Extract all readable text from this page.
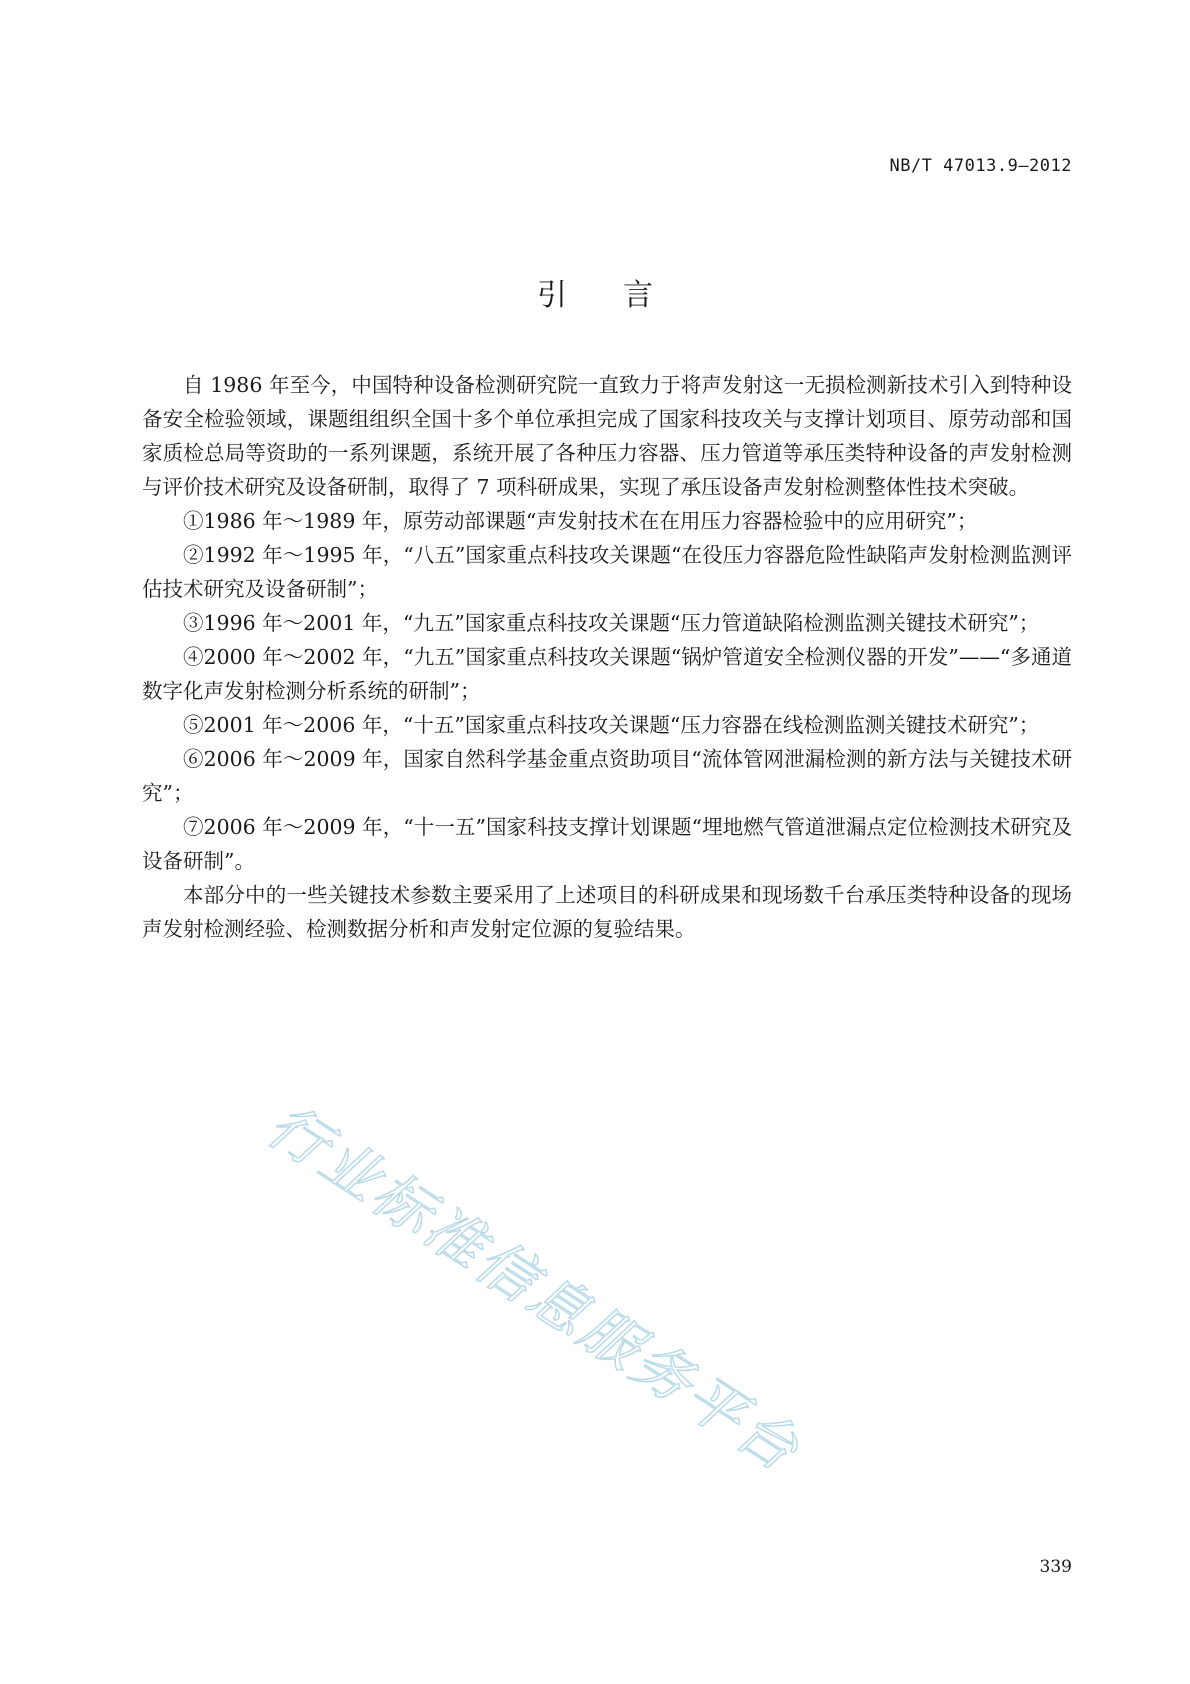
NB/T 47013.9—2012
引言

自 1986 年至今，中国特种设备检测研究院一直致力于将声发射这一无损检测新技术引入到特种设备安全检验领域，课题组组织全国十多个单位承担完成了国家科技攻关与支撑计划项目、原劳动部和国家质检总局等资助的一系列课题，系统开展了各种压力容器、压力管道等承压类特种设备的声发射检测与评价技术研究及设备研制，取得了 7 项科研成果，实现了承压设备声发射检测整体性技术突破。

①1986 年～1989 年，原劳动部课题“声发射技术在在用压力容器检验中的应用研究”；

②1992 年～1995 年，“八五”国家重点科技攻关课题“在役压力容器危险性缺陷声发射检测监测评估技术研究及设备研制”；

③1996 年～2001 年，“九五”国家重点科技攻关课题“压力管道缺陷检测监测关键技术研究”；

④2000 年～2002 年，“九五”国家重点科技攻关课题“锅炉管道安全检测仪器的开发”——“多通道数字化声发射检测分析系统的研制”；

⑤2001 年～2006 年，“十五”国家重点科技攻关课题“压力容器在线检测监测关键技术研究”；

⑥2006 年～2009 年，国家自然科学基金重点资助项目“流体管网泄漏检测的新方法与关键技术研究”；

⑦2006 年～2009 年，“十一五”国家科技支撑计划课题“埋地燃气管道泄漏点定位检测技术研究及设备研制”。

本部分中的一些关键技术参数主要采用了上述项目的科研成果和现场数千台承压类特种设备的现场声发射检测经验、检测数据分析和声发射定位源的复验结果。

行业标准信息服务平台
339
